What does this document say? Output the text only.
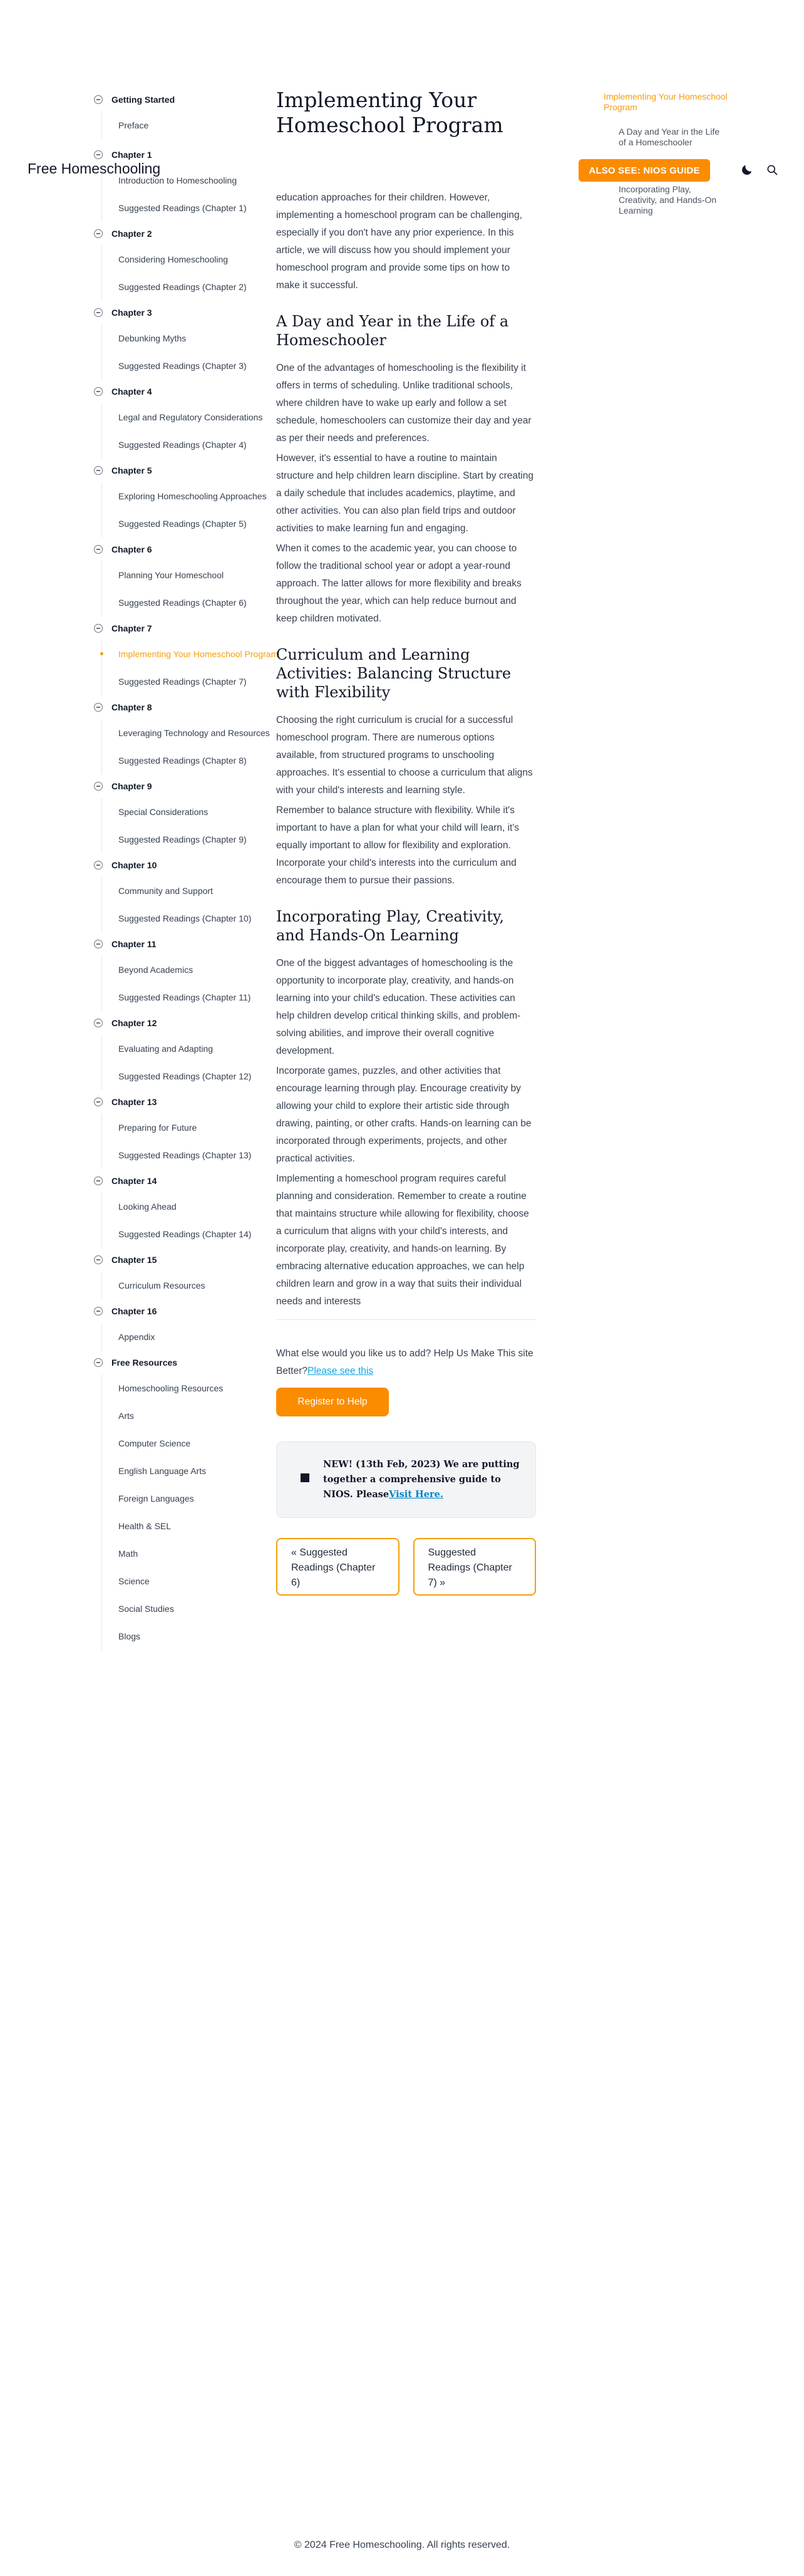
Getting Started
Preface
Chapter 1
Introduction to Homeschooling
Suggested Readings (Chapter 1)
Chapter 2
Considering Homeschooling
Suggested Readings (Chapter 2)
Chapter 3
Debunking Myths
Suggested Readings (Chapter 3)
Chapter 4
Legal and Regulatory Considerations
Suggested Readings (Chapter 4)
Chapter 5
Exploring Homeschooling Approaches
Suggested Readings (Chapter 5)
Chapter 6
Planning Your Homeschool
Suggested Readings (Chapter 6)
Chapter 7
Implementing Your Homeschool Program
Suggested Readings (Chapter 7)
Chapter 8
Leveraging Technology and Resources
Suggested Readings (Chapter 8)
Chapter 9
Special Considerations
Suggested Readings (Chapter 9)
Chapter 10
Community and Support
Suggested Readings (Chapter 10)
Chapter 11
Beyond Academics
Suggested Readings (Chapter 11)
Chapter 12
Evaluating and Adapting
Suggested Readings (Chapter 12)
Chapter 13
Preparing for Future
Suggested Readings (Chapter 13)
Chapter 14
Looking Ahead
Suggested Readings (Chapter 14)
Chapter 15
Curriculum Resources
Chapter 16
Appendix
Free Resources
Homeschooling Resources
Arts
Computer Science
English Language Arts
Foreign Languages
Health & SEL
Math
Science
Social Studies
Blogs
Free Homeschooling	ALSO SEE: NIOS GUIDE
Implementing Your Homeschool Program

education approaches for their children. However, implementing a homeschool program can be challenging, especially if you don't have any prior experience. In this article, we will discuss how you should implement your homeschool program and provide some tips on how to make it successful.

A Day and Year in the Life of a Homeschooler

One of the advantages of homeschooling is the flexibility it offers in terms of scheduling. Unlike traditional schools, where children have to wake up early and follow a set schedule, homeschoolers can customize their day and year as per their needs and preferences.

However, it's essential to have a routine to maintain structure and help children learn discipline. Start by creating a daily schedule that includes academics, playtime, and other activities. You can also plan field trips and outdoor activities to make learning fun and engaging.

When it comes to the academic year, you can choose to follow the traditional school year or adopt a year-round approach. The latter allows for more flexibility and breaks throughout the year, which can help reduce burnout and keep children motivated.

Curriculum and Learning Activities: Balancing Structure with Flexibility

Choosing the right curriculum is crucial for a successful homeschool program. There are numerous options available, from structured programs to unschooling approaches. It's essential to choose a curriculum that aligns with your child's interests and learning style.

Remember to balance structure with flexibility. While it's important to have a plan for what your child will learn, it's equally important to allow for flexibility and exploration. Incorporate your child's interests into the curriculum and encourage them to pursue their passions.

Incorporating Play, Creativity, and Hands-On Learning

One of the biggest advantages of homeschooling is the opportunity to incorporate play, creativity, and hands-on learning into your child's education. These activities can help children develop critical thinking skills, and problem-solving abilities, and improve their overall cognitive development.

Incorporate games, puzzles, and other activities that encourage learning through play. Encourage creativity by allowing your child to explore their artistic side through drawing, painting, or other crafts. Hands-on learning can be incorporated through experiments, projects, and other practical activities.

Implementing a homeschool program requires careful planning and consideration. Remember to create a routine that maintains structure while allowing for flexibility, choose a curriculum that aligns with your child's interests, and incorporate play, creativity, and hands-on learning. By embracing alternative education approaches, we can help children learn and grow in a way that suits their individual needs and interests

What else would you like us to add? Help Us Make This site Better?Please see this
Register to Help
NEW! (13th Feb, 2023) We are putting together a comprehensive guide to NIOS. PleaseVisit Here.
« Suggested Readings (Chapter 6)
Suggested Readings (Chapter 7) »
Implementing Your Homeschool Program
A Day and Year in the Life of a Homeschooler
Incorporating Play, Creativity, and Hands-On Learning
© 2024 Free Homeschooling. All rights reserved.
